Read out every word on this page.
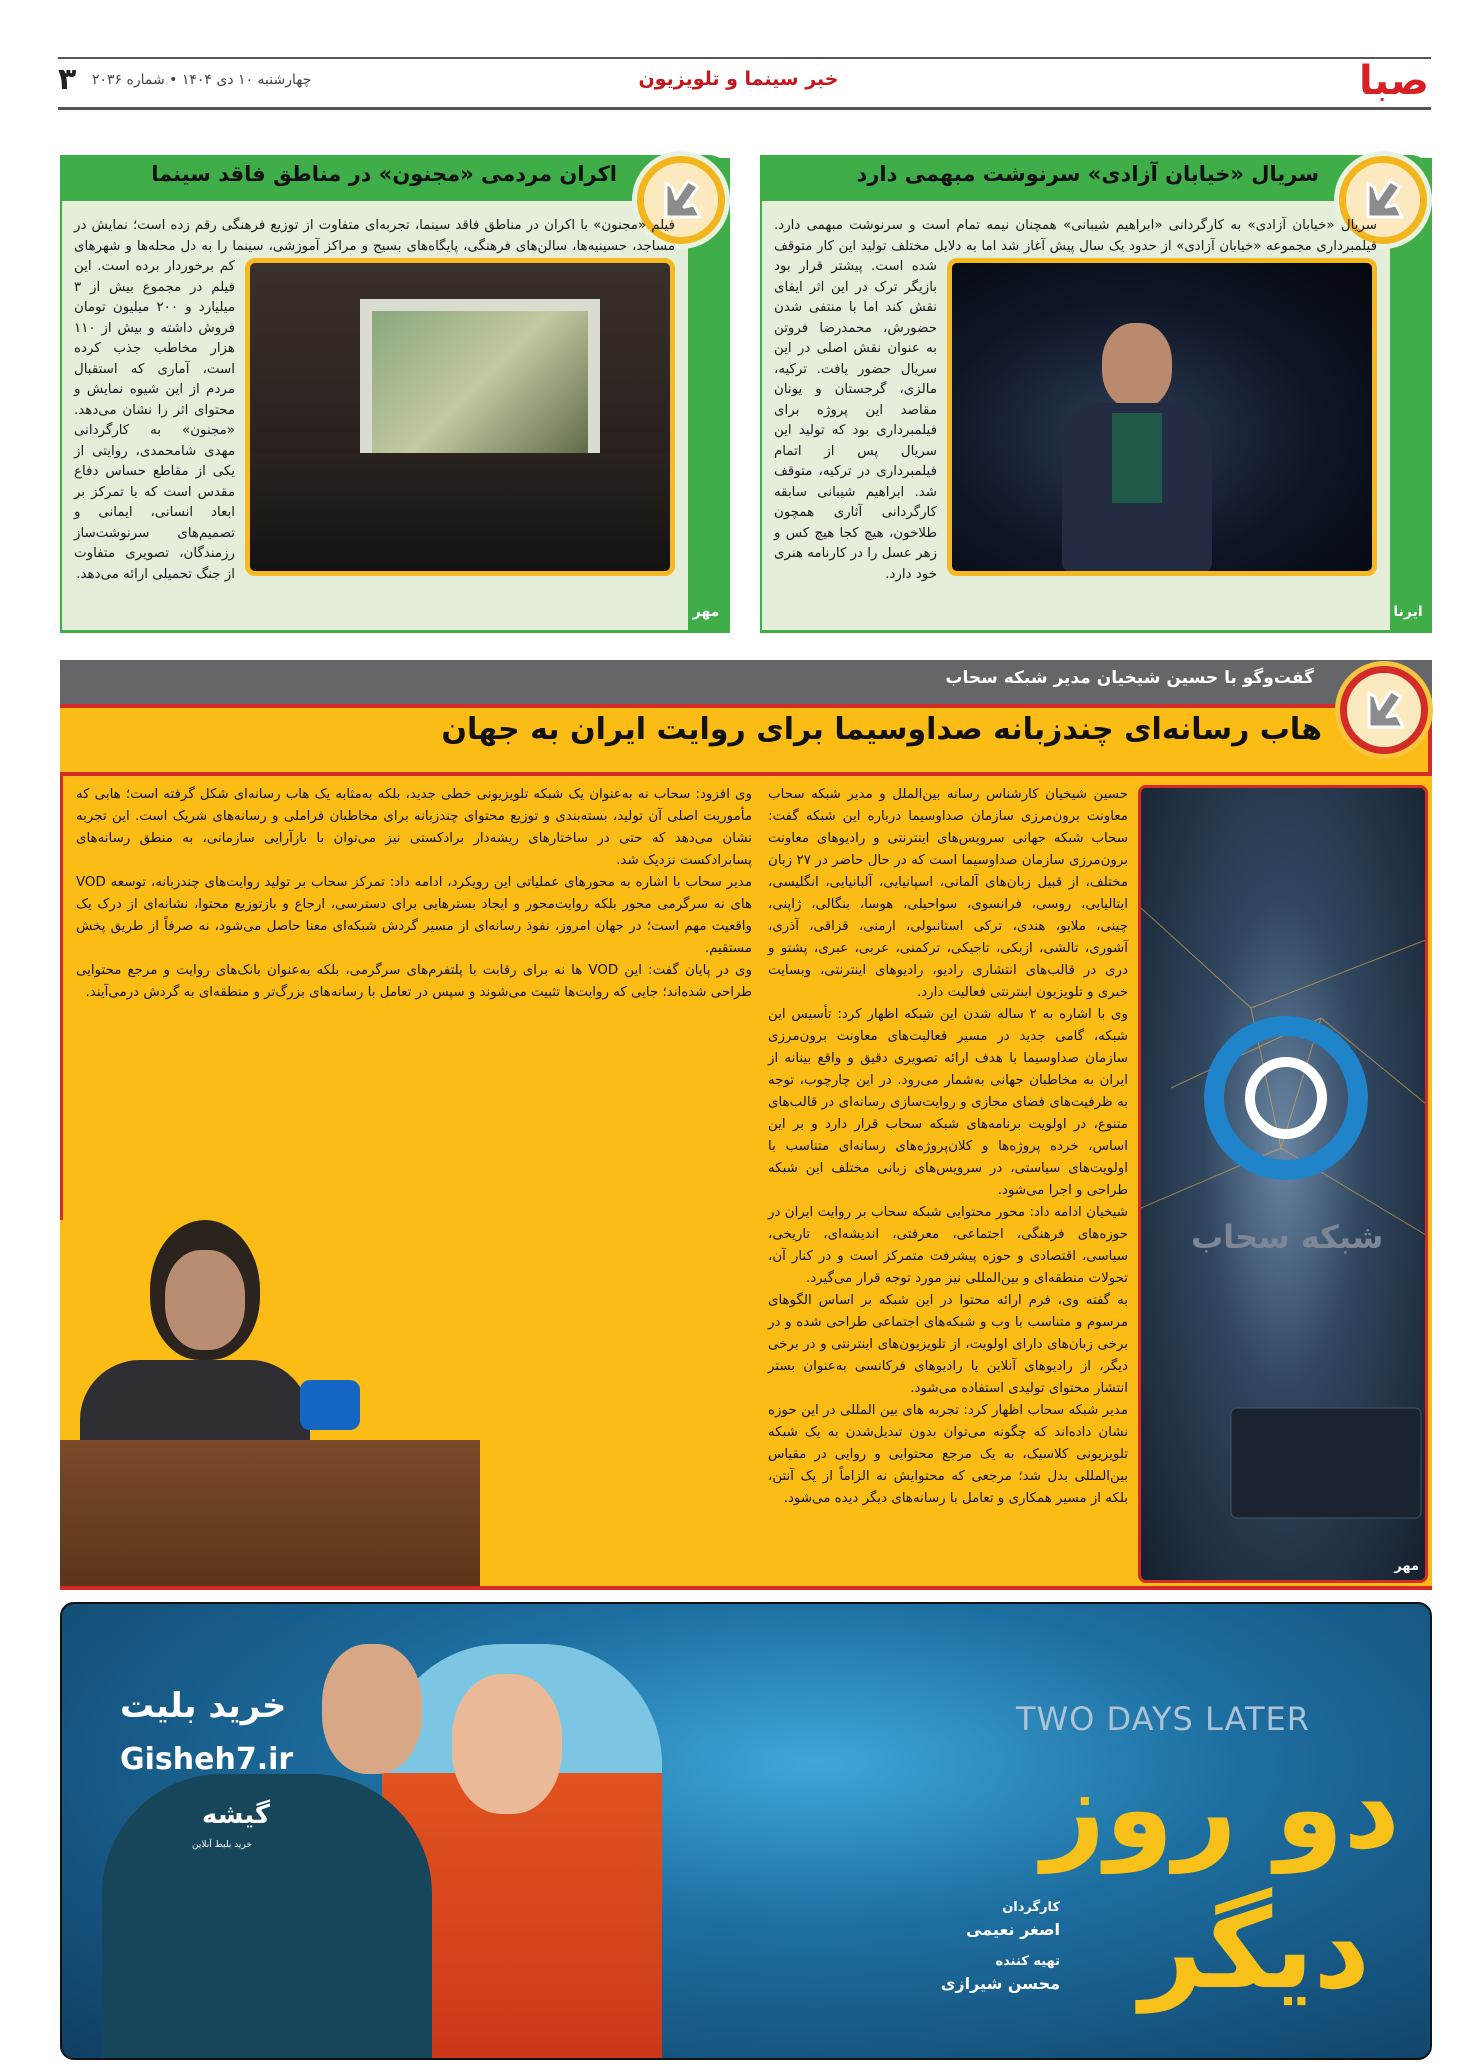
صبا
خبر سینما و تلویزیون
چهارشنبه ۱۰ دی ۱۴۰۴ • شماره ۲۰۳۶
۳
سریال «خیابان آزادی» سرنوشت مبهمی دارد

سریال «خیابان آزادی» به کارگردانی «ابراهیم شیبانی» همچنان نیمه تمام است و سرنوشت مبهمی دارد. فیلمبرداری مجموعه «خیابان آزادی» از حدود یک سال پیش آغاز شد اما به دلایل مختلف تولید این کار متوقف شده است. پیشتر قرار بود بازیگر ترک در این اثر ایفای نقش کند اما با منتفی شدن حضورش، محمدرضا فروتن به عنوان نقش اصلی در این سریال حضور یافت. ترکیه، مالزی، گرجستان و یونان مقاصد این پروژه برای فیلمبرداری بود که تولید این سریال پس از اتمام فیلمبرداری در ترکیه، متوقف شد. ابراهیم شیبانی سابقه کارگردانی آثاری همچون طلاخون، هیچ کجا هیچ کس و زهر عسل را در کارنامه هنری خود دارد.

ایرنا
اکران مردمی «مجنون» در مناطق فاقد سینما

فیلم «مجنون» با اکران در مناطق فاقد سینما، تجربه‌ای متفاوت از توزیع فرهنگی رقم زده است؛ نمایش در مساجد، حسینیه‌ها، سالن‌های فرهنگی، پایگاه‌های بسیج و مراکز آموزشی، سینما را به دل محله‌ها و شهرهای کم برخوردار برده است. این فیلم در مجموع بیش از ۳ میلیارد و ۲۰۰ میلیون تومان فروش داشته و بیش از ۱۱۰ هزار مخاطب جذب کرده است، آماری که استقبال مردم از این شیوه نمایش و محتوای اثر را نشان می‌دهد. «مجنون» به کارگردانی مهدی شامحمدی، روایتی از یکی از مقاطع حساس دفاع مقدس است که با تمرکز بر ابعاد انسانی، ایمانی و تصمیم‌های سرنوشت‌ساز رزمندگان، تصویری متفاوت از جنگ تحمیلی ارائه می‌دهد.

مهر
گفت‌وگو با حسین شیخیان مدیر شبکه سحاب
هاب رسانه‌ای چندزبانه صداوسیما برای روایت ایران به جهان
شبکه سحاب
مهر

حسین شیخیان کارشناس رسانه بین‌الملل و مدیر شبکه سحاب معاونت برون‌مرزی سازمان صداوسیما درباره این شبکه گفت: سحاب شبکه جهانی سرویس‌های اینترنتی و رادیوهای معاونت برون‌مرزی سازمان صداوسیما است که در حال حاضر در ۲۷ زبان مختلف، از قبیل زبان‌های آلمانی، اسپانیایی، آلبانیایی، انگلیسی، ایتالیایی، روسی، فرانسوی، سواحیلی، هوسا، بنگالی، ژاپنی، چینی، ملایو، هندی، ترکی استانبولی، ارمنی، قزاقی، آذری، آشوری، تالشی، ازبکی، تاجیکی، ترکمنی، عربی، عبری، پشتو و دری در قالب‌های انتشاری رادیو، رادیوهای اینترنتی، وبسایت خبری و تلویزیون اینترنتی فعالیت دارد.

وی با اشاره به ۲ ساله شدن این شبکه اظهار کرد: تأسیس این شبکه، گامی جدید در مسیر فعالیت‌های معاونت برون‌مرزی سازمان صداوسیما با هدف ارائه تصویری دقیق و واقع بینانه از ایران به مخاطبان جهانی به‌شمار می‌رود. در این چارچوب، توجه به ظرفیت‌های فضای مجازی و روایت‌سازی رسانه‌ای در قالب‌های متنوع، در اولویت برنامه‌های شبکه سحاب قرار دارد و بر این اساس، خرده پروژه‌ها و کلان‌پروژه‌های رسانه‌ای متناسب با اولویت‌های سیاستی، در سرویس‌های زبانی مختلف این شبکه طراحی و اجرا می‌شود.

شیخیان ادامه داد: محور محتوایی شبکه سحاب بر روایت ایران در حوزه‌های فرهنگی، اجتماعی، معرفتی، اندیشه‌ای، تاریخی، سیاسی، اقتصادی و حوزه پیشرفت متمرکز است و در کنار آن، تحولات منطقه‌ای و بین‌المللی نیز مورد توجه قرار می‌گیرد.

به گفته وی، فرم ارائه محتوا در این شبکه بر اساس الگوهای مرسوم و متناسب با وب و شبکه‌های اجتماعی طراحی شده و در برخی زبان‌های دارای اولویت، از تلویزیون‌های اینترنتی و در برخی دیگر، از رادیوهای آنلاین یا رادیوهای فرکانسی به‌عنوان بستر انتشار محتوای تولیدی استفاده می‌شود.

مدیر شبکه سحاب اظهار کرد: تجربه های بین المللی در این حوزه نشان داده‌اند که چگونه می‌توان بدون تبدیل‌شدن به یک شبکه تلویزیونی کلاسیک، به یک مرجع محتوایی و روایی در مقیاس بین‌المللی بدل شد؛ مرجعی که محتوایش نه الزاماً از یک آنتن، بلکه از مسیر همکاری و تعامل با رسانه‌های دیگر دیده می‌شود.

وی افزود: سحاب نه به‌عنوان یک شبکه تلویزیونی خطی جدید، بلکه به‌مثابه یک هاب رسانه‌ای شکل گرفته است؛ هابی که مأموریت اصلی آن تولید، بسته‌بندی و توزیع محتوای چندزبانه برای مخاطبان فراملی و رسانه‌های شریک است. این تجربه نشان می‌دهد که حتی در ساختارهای ریشه‌دار برادکستی نیز می‌توان با بازآرایی سازمانی، به منطق رسانه‌های پسابرادکست نزدیک شد.

مدیر سحاب با اشاره به محورهای عملیاتی این رویکرد، ادامه داد: تمرکز سحاب بر تولید روایت‌های چندزبانه، توسعه VOD های نه سرگرمی محور بلکه روایت‌محور و ایجاد بسترهایی برای دسترسی، ارجاع و بازتوزیع محتوا، نشانه‌ای از درک یک واقعیت مهم است؛ در جهان امروز، نفوذ رسانه‌ای از مسیر گردش شبکه‌ای معنا حاصل می‌شود، نه صرفاً از طریق پخش مستقیم.

وی در پایان گفت: این VOD ها نه برای رقابت با پلتفرم‌های سرگرمی، بلکه به‌عنوان بانک‌های روایت و مرجع محتوایی طراحی شده‌اند؛ جایی که روایت‌ها تثبیت می‌شوند و سپس در تعامل با رسانه‌های بزرگ‌تر و منطقه‌ای به گردش درمی‌آیند.

خرید بلیت
Gisheh7.ir
گیشه
خرید بلیط آنلاین
TWO DAYS LATER
دو روز
دیگر
کارگردان
اصغر نعیمی
تهیه کننده
محسن شیرازی
